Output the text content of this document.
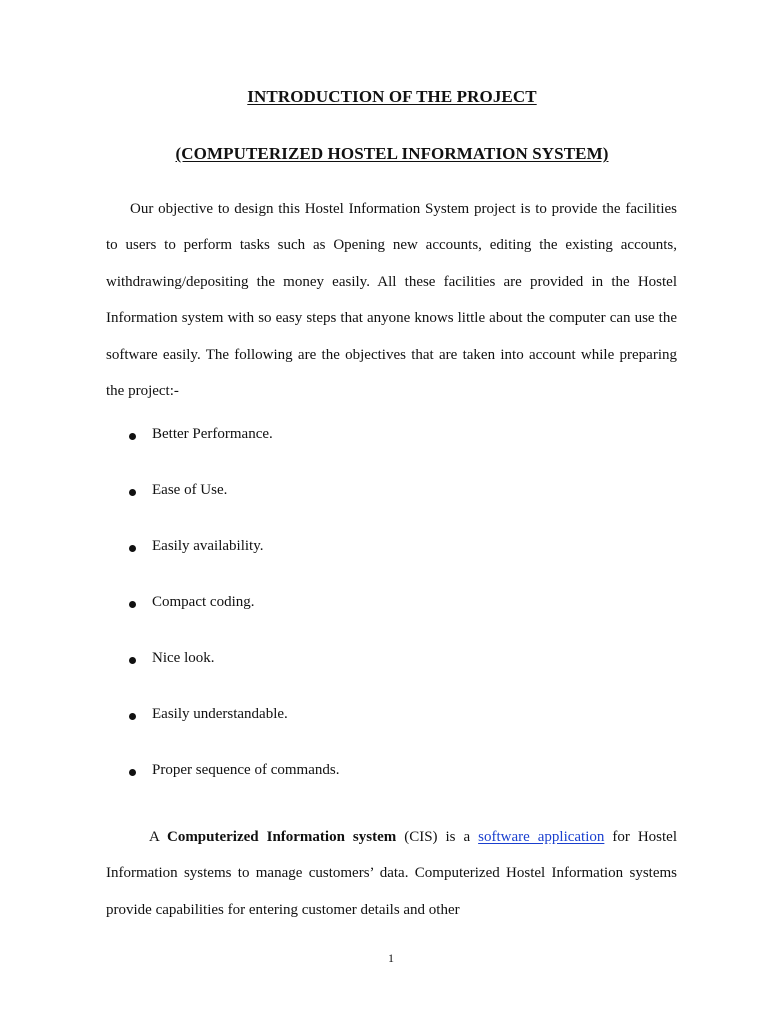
INTRODUCTION OF THE PROJECT
(COMPUTERIZED HOSTEL INFORMATION SYSTEM)

Our objective to design this Hostel Information System project is to provide the facilities to users to perform tasks such as Opening new accounts, editing the existing accounts, withdrawing/depositing the money easily. All these facilities are provided in the Hostel Information system with so easy steps that anyone knows little about the computer can use the software easily. The following are the objectives that are taken into account while preparing the project:-

Better Performance.
Ease of Use.
Easily availability.
Compact coding.
Nice look.
Easily understandable.
Proper sequence of commands.

A Computerized Information system (CIS) is a software application for Hostel Information systems to manage customers’ data. Computerized Hostel Information systems provide capabilities for entering customer details and other

1
